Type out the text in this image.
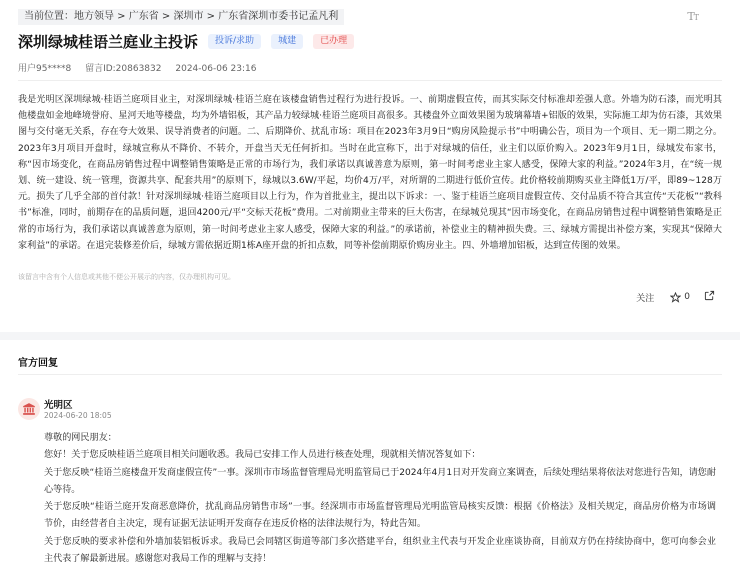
当前位置：地方领导 > 广东省 > 深圳市 > 广东省深圳市委书记孟凡利	TT
深圳绿城桂语兰庭业主投诉	投诉/求助	城建	已办理
用户95****8 留言ID:20863832 2024-06-06 23:16
我是光明区深圳绿城·桂语兰庭项目业主，对深圳绿城·桂语兰庭在该楼盘销售过程行为进行投诉。一、前期虚假宣传，而其实际交付标准却差强人意。外墙为防石漆，而光明其他楼盘如金地峰境誉府、星河天地等楼盘，均为外墙铝板，其产品力较绿城·桂语兰庭项目高很多。其楼盘外立面效果图为玻璃幕墙+铝版的效果，实际施工却为仿石漆，其效果图与交付毫无关系，存在夸大效果、误导消费者的问题。二、后期降价、扰乱市场：项目在2023年3月9日“购房风险提示书”中明确公告，项目为一个项目、无一期二期之分。2023年3月项目开盘时，绿城宣称从不降价、不转介，开盘当天无任何折扣。当时在此宣称下，出于对绿城的信任，业主们以原价购入。2023年9月1日，绿城发布家书，称“因市场变化，在商品房销售过程中调整销售策略是正常的市场行为，我们承诺以真诚善意为原则，第一时间考虑业主家人感受，保障大家的利益。”2024年3月，在“统一规划、统一建设、统一管理，资源共享、配套共用”的原则下，绿城以3.6W/平起，均价4万/平，对所谓的二期进行低价宣传。此价格较前期购买业主降低1万/平，即89~128万元。损失了几乎全部的首付款！针对深圳绿城·桂语兰庭项目以上行为，作为首批业主，提出以下诉求：一、鉴于桂语兰庭项目虚假宣传、交付品质不符合其宣传“天花板”“教科书”标准，同时，前期存在的品质问题，退回4200元/平“交标天花板”费用。二对前期业主带来的巨大伤害，在绿城兑现其“因市场变化，在商品房销售过程中调整销售策略是正常的市场行为，我们承诺以真诚善意为原则，第一时间考虑业主家人感受，保障大家的利益。”的承诺前，补偿业主的精神损失费。三、绿城方需提出补偿方案，实现其“保障大家利益”的承诺。在退完装修差价后，绿城方需依据近期1栋A座开盘的折扣点数，同等补偿前期原价购房业主。四、外墙增加铝板，达到宣传图的效果。
该留言中含有个人信息或其他不便公开展示的内容，仅办理机构可见。
关注	0
官方回复
光明区
2024-06-20 18:05

尊敬的网民朋友：

您好！关于您反映桂语兰庭项目相关问题收悉。我局已安排工作人员进行核查处理，现就相关情况答复如下：

关于您反映“桂语兰庭楼盘开发商虚假宣传”一事。深圳市市场监督管理局光明监管局已于2024年4月1日对开发商立案调查，后续处理结果将依法对您进行告知，请您耐心等待。

关于您反映“桂语兰庭开发商恶意降价，扰乱商品房销售市场”一事。经深圳市市场监督管理局光明监管局核实反馈：根据《价格法》及相关规定，商品房价格为市场调节价，由经营者自主决定，现有证据无法证明开发商存在违反价格的法律法规行为，特此告知。

关于您反映的要求补偿和外墙加装铝板诉求。我局已会同辖区街道等部门多次搭建平台，组织业主代表与开发企业座谈协商，目前双方仍在持续协商中，您可向参会业主代表了解最新进展。感谢您对我局工作的理解与支持！
